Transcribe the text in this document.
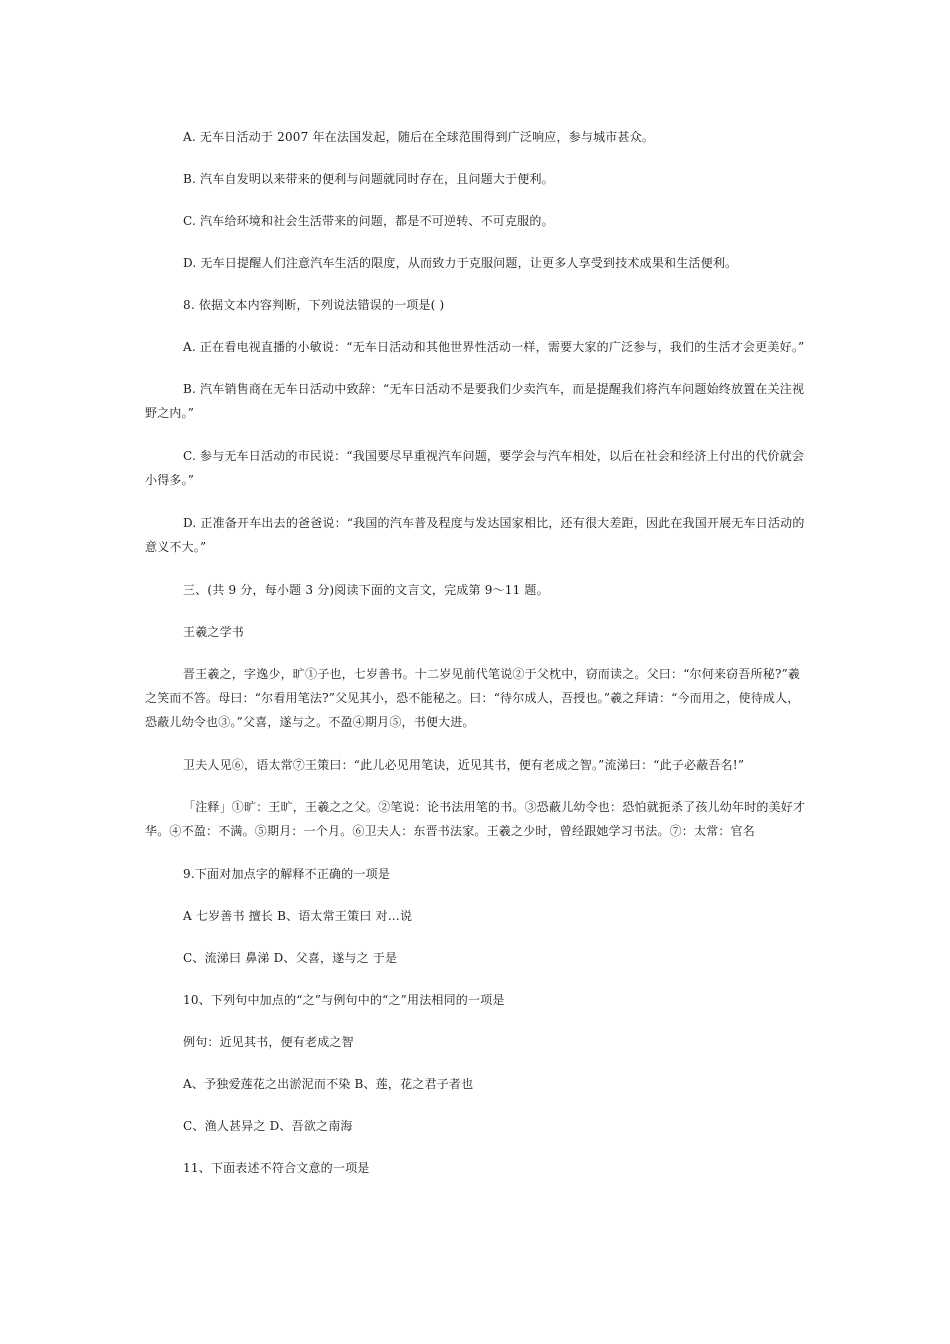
A. 无车日活动于 2007 年在法国发起，随后在全球范围得到广泛响应，参与城市甚众。

B. 汽车自发明以来带来的便利与问题就同时存在，且问题大于便利。

C. 汽车给环境和社会生活带来的问题，都是不可逆转、不可克服的。

D. 无车日提醒人们注意汽车生活的限度，从而致力于克服问题，让更多人享受到技术成果和生活便利。

8. 依据文本内容判断，下列说法错误的一项是( )

A. 正在看电视直播的小敏说：“无车日活动和其他世界性活动一样，需要大家的广泛参与，我们的生活才会更美好。”

B. 汽车销售商在无车日活动中致辞：“无车日活动不是要我们少卖汽车，而是提醒我们将汽车问题始终放置在关注视野之内。”

C. 参与无车日活动的市民说：“我国要尽早重视汽车问题，要学会与汽车相处，以后在社会和经济上付出的代价就会小得多。”

D. 正准备开车出去的爸爸说：“我国的汽车普及程度与发达国家相比，还有很大差距，因此在我国开展无车日活动的意义不大。”

三、(共 9 分，每小题 3 分)阅读下面的文言文，完成第 9～11 题。

王羲之学书

晋王羲之，字逸少，旷①子也，七岁善书。十二岁见前代笔说②于父枕中，窃而读之。父曰：“尔何来窃吾所秘?”羲之笑而不答。母曰：“尔看用笔法?”父见其小，恐不能秘之。曰：“待尔成人，吾授也。”羲之拜请：“今而用之，使待成人，恐蔽儿幼令也③。”父喜，遂与之。不盈④期月⑤，书便大进。

卫夫人见⑥，语太常⑦王策曰：“此儿必见用笔诀，近见其书，便有老成之智。”流涕曰：“此子必蔽吾名!”

「注释」①旷：王旷，王羲之之父。②笔说：论书法用笔的书。③恐蔽儿幼令也：恐怕就扼杀了孩儿幼年时的美好才华。④不盈：不满。⑤期月：一个月。⑥卫夫人：东晋书法家。王羲之少时，曾经跟她学习书法。⑦：太常：官名

9.下面对加点字的解释不正确的一项是

A 七岁善书 擅长 B、语太常王策曰 对…说

C、流涕曰 鼻涕 D、父喜，遂与之 于是

10、下列句中加点的“之”与例句中的“之”用法相同的一项是

例句：近见其书，便有老成之智

A、予独爱莲花之出淤泥而不染 B、莲，花之君子者也

C、渔人甚异之 D、吾欲之南海

11、下面表述不符合文意的一项是
